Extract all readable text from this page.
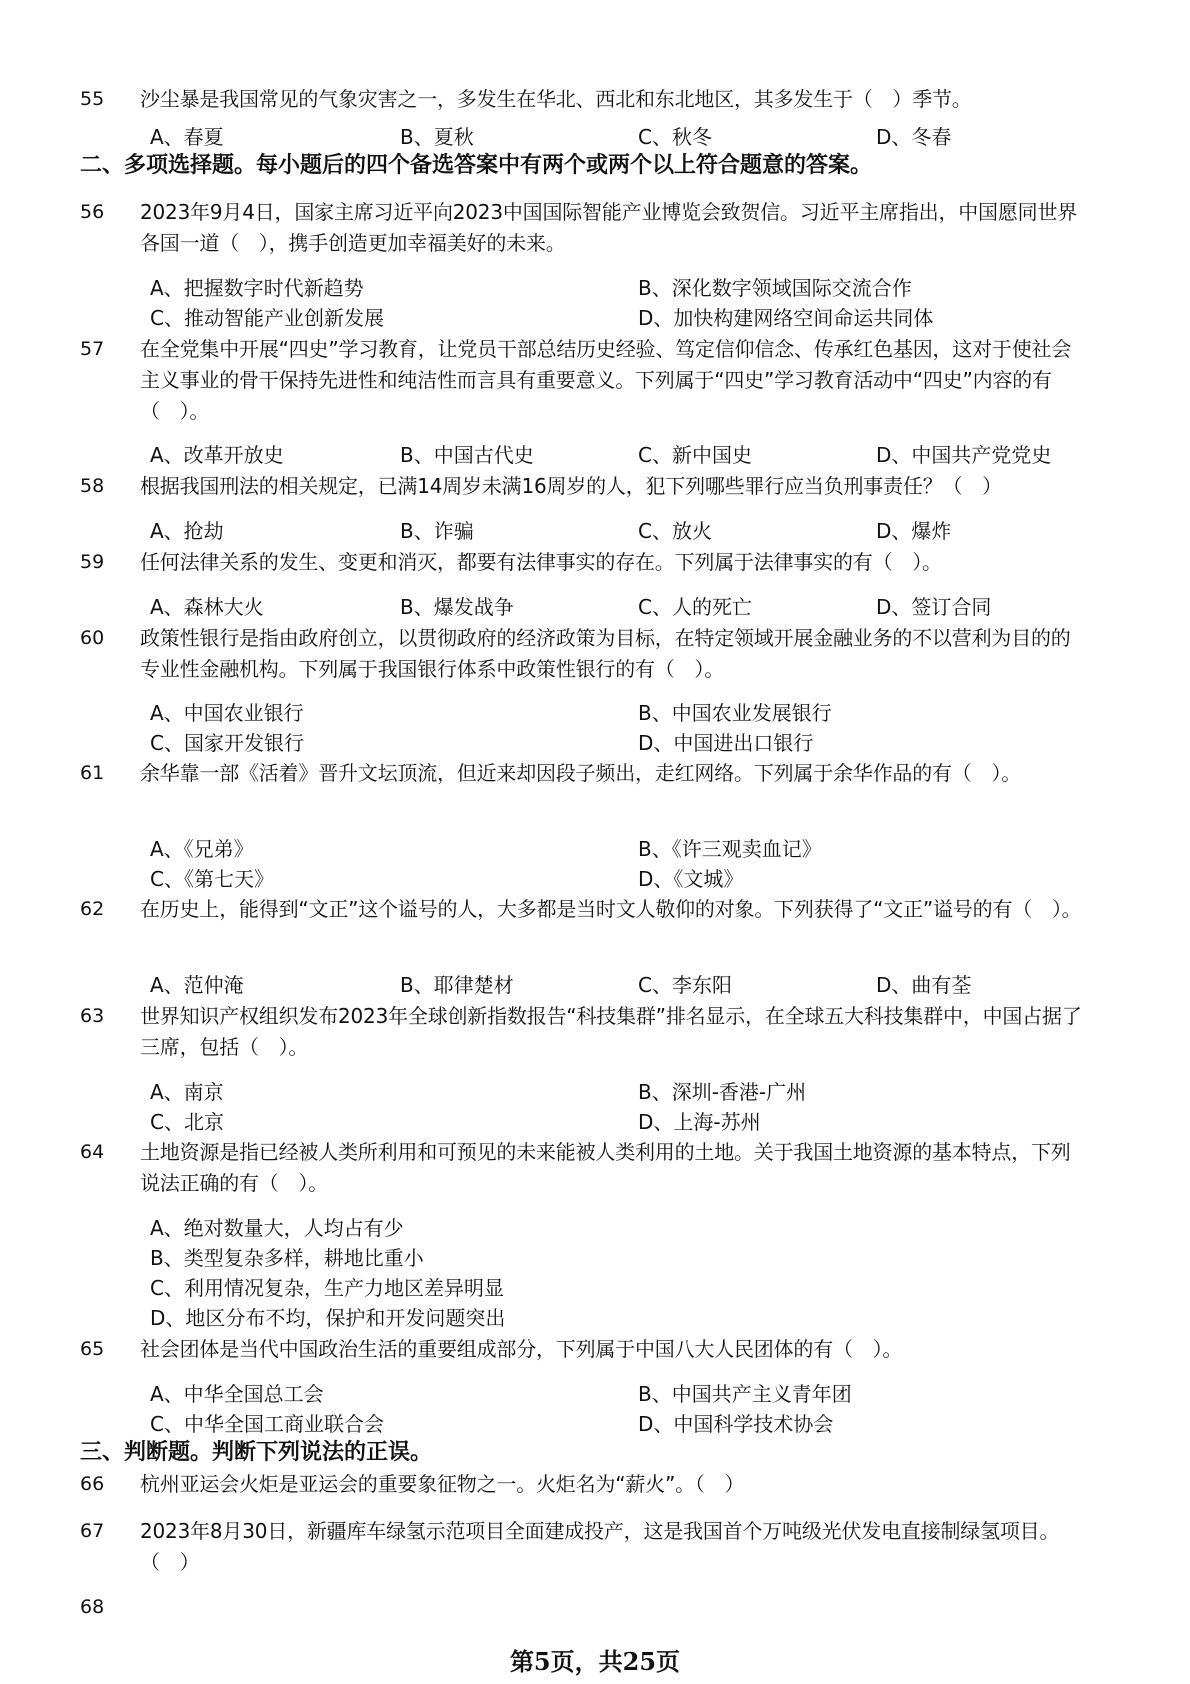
55 沙尘暴是我国常见的气象灾害之一，多发生在华北、西北和东北地区，其多发生于（　）季节。
A、春夏	B、夏秋	C、秋冬	D、冬春
二、多项选择题。每小题后的四个备选答案中有两个或两个以上符合题意的答案。
56 2023年9月4日，国家主席习近平向2023中国国际智能产业博览会致贺信。习近平主席指出，中国愿同世界各国一道（　），携手创造更加幸福美好的未来。
A、把握数字时代新趋势	B、深化数字领域国际交流合作
C、推动智能产业创新发展	D、加快构建网络空间命运共同体
57 在全党集中开展“四史”学习教育，让党员干部总结历史经验、笃定信仰信念、传承红色基因，这对于使社会主义事业的骨干保持先进性和纯洁性而言具有重要意义。下列属于“四史”学习教育活动中“四史”内容的有（　）。
A、改革开放史	B、中国古代史	C、新中国史	D、中国共产党党史
58 根据我国刑法的相关规定，已满14周岁未满16周岁的人，犯下列哪些罪行应当负刑事责任？（　）
A、抢劫	B、诈骗	C、放火	D、爆炸
59 任何法律关系的发生、变更和消灭，都要有法律事实的存在。下列属于法律事实的有（　）。
A、森林大火	B、爆发战争	C、人的死亡	D、签订合同
60 政策性银行是指由政府创立，以贯彻政府的经济政策为目标，在特定领域开展金融业务的不以营利为目的的专业性金融机构。下列属于我国银行体系中政策性银行的有（　）。
A、中国农业银行	B、中国农业发展银行
C、国家开发银行	D、中国进出口银行
61 余华靠一部《活着》晋升文坛顶流，但近来却因段子频出，走红网络。下列属于余华作品的有（　）。
A、《兄弟》	B、《许三观卖血记》
C、《第七天》	D、《文城》
62 在历史上，能得到“文正”这个谥号的人，大多都是当时文人敬仰的对象。下列获得了“文正”谥号的有（　）。
A、范仲淹	B、耶律楚材	C、李东阳	D、曲有荃
63 世界知识产权组织发布2023年全球创新指数报告“科技集群”排名显示，在全球五大科技集群中，中国占据了三席，包括（　）。
A、南京	B、深圳-香港-广州
C、北京	D、上海-苏州
64 土地资源是指已经被人类所利用和可预见的未来能被人类利用的土地。关于我国土地资源的基本特点，下列说法正确的有（　）。
A、绝对数量大，人均占有少
B、类型复杂多样，耕地比重小
C、利用情况复杂，生产力地区差异明显
D、地区分布不均，保护和开发问题突出
65 社会团体是当代中国政治生活的重要组成部分，下列属于中国八大人民团体的有（　）。
A、中华全国总工会	B、中国共产主义青年团
C、中华全国工商业联合会	D、中国科学技术协会
三、判断题。判断下列说法的正误。
66 杭州亚运会火炬是亚运会的重要象征物之一。火炬名为“薪火”。（　）
67 2023年8月30日，新疆库车绿氢示范项目全面建成投产，这是我国首个万吨级光伏发电直接制绿氢项目。（　）
68
第5页，共25页
